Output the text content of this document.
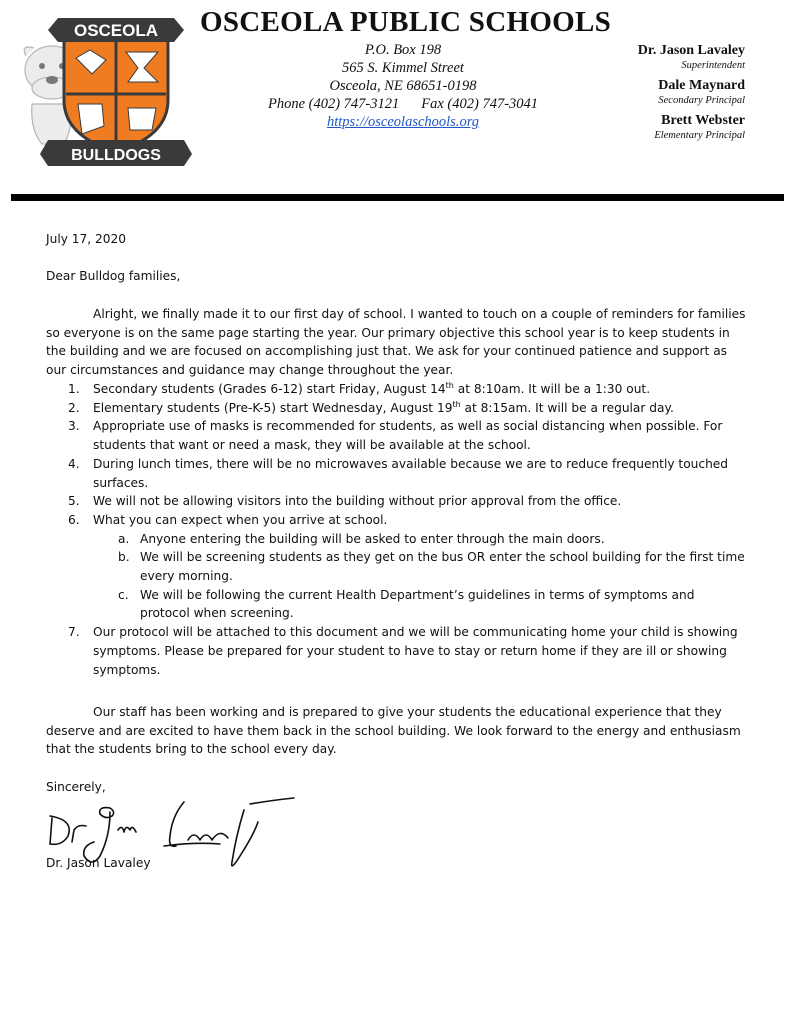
OSCEOLA
BULLDOGS
OSCEOLA PUBLIC SCHOOLS
P.O. Box 198
565 S. Kimmel Street
Osceola, NE 68651-0198
Phone (402) 747-3121 Fax (402) 747-3041
https://osceolaschools.org
Dr. Jason Lavaley
Superintendent
Dale Maynard
Secondary Principal
Brett Webster
Elementary Principal
July 17, 2020
Dear Bulldog families,
Alright, we finally made it to our first day of school. I wanted to touch on a couple of reminders for families so everyone is on the same page starting the year. Our primary objective this school year is to keep students in the building and we are focused on accomplishing just that. We ask for your continued patience and support as our circumstances and guidance may change throughout the year.
1. Secondary students (Grades 6-12) start Friday, August 14th at 8:10am. It will be a 1:30 out.
2. Elementary students (Pre-K-5) start Wednesday, August 19th at 8:15am. It will be a regular day.
3. Appropriate use of masks is recommended for students, as well as social distancing when possible. For students that want or need a mask, they will be available at the school.
4. During lunch times, there will be no microwaves available because we are to reduce frequently touched surfaces.
5. We will not be allowing visitors into the building without prior approval from the office.
6. What you can expect when you arrive at school.
a. Anyone entering the building will be asked to enter through the main doors.
b. We will be screening students as they get on the bus OR enter the school building for the first time every morning.
c. We will be following the current Health Department’s guidelines in terms of symptoms and protocol when screening.
7. Our protocol will be attached to this document and we will be communicating home your child is showing symptoms. Please be prepared for your student to have to stay or return home if they are ill or showing symptoms.
Our staff has been working and is prepared to give your students the educational experience that they deserve and are excited to have them back in the school building. We look forward to the energy and enthusiasm that the students bring to the school every day.
Sincerely,
Dr. Jason Lavaley
